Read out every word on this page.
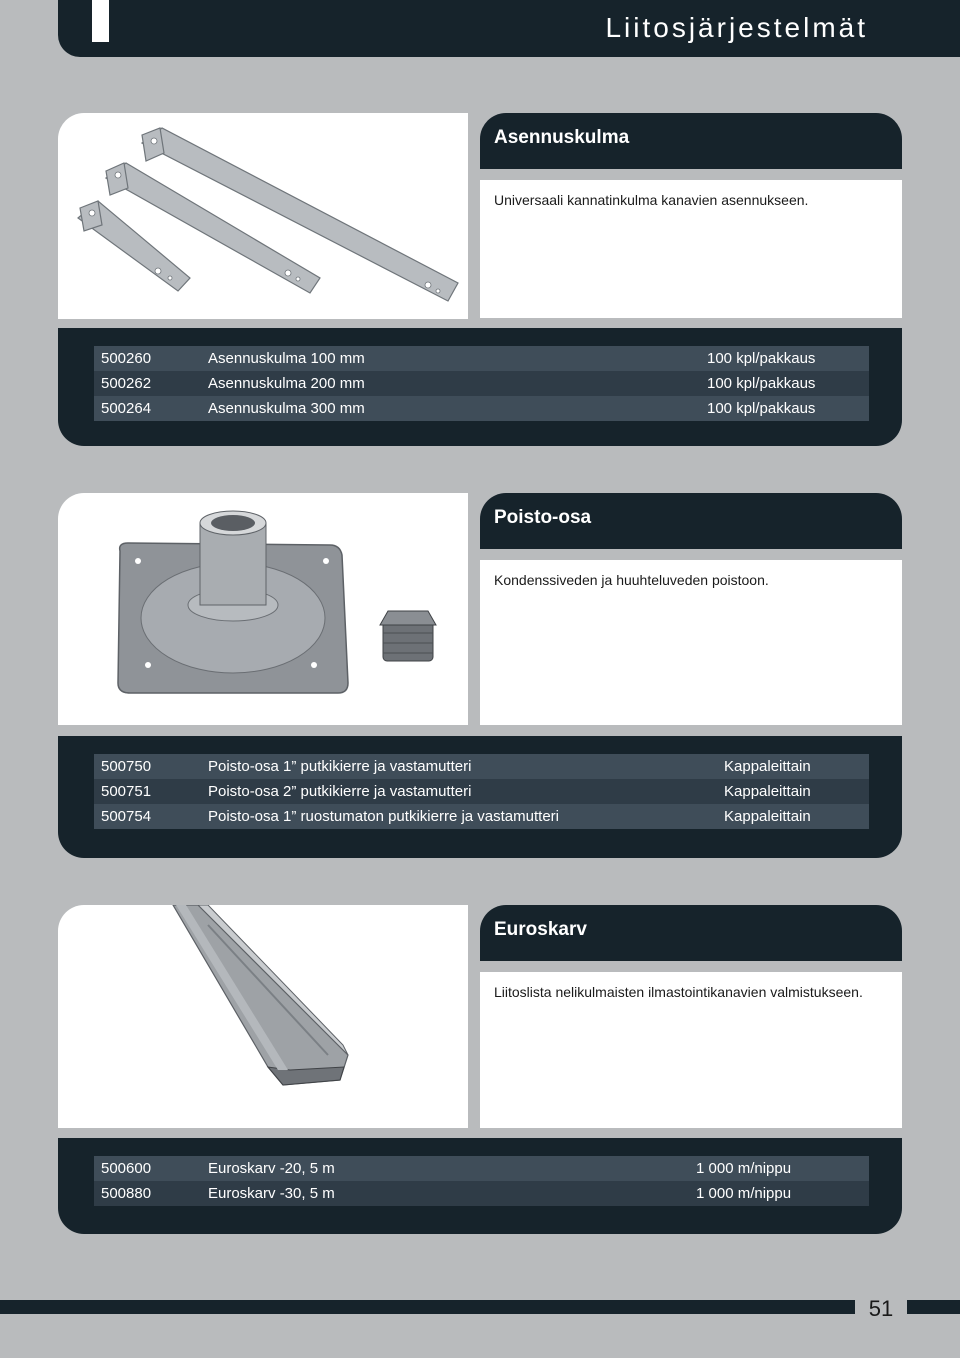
Liitosjärjestelmät
Asennuskulma
Universaali kannatinkulma kanavien asennukseen.
500260	Asennuskulma 100 mm	100 kpl/pakkaus
500262	Asennuskulma 200 mm	100 kpl/pakkaus
500264	Asennuskulma 300 mm	100 kpl/pakkaus
Poisto-osa
Kondenssiveden ja huuhteluveden poistoon.
500750	Poisto-osa 1” putkikierre ja vastamutteri	Kappaleittain
500751	Poisto-osa 2” putkikierre ja vastamutteri	Kappaleittain
500754	Poisto-osa 1” ruostumaton putkikierre ja vastamutteri	Kappaleittain
Euroskarv
Liitoslista nelikulmaisten ilmastointikanavien valmistukseen.
500600	Euroskarv -20, 5 m	1 000 m/nippu
500880	Euroskarv -30, 5 m	1 000 m/nippu
51
